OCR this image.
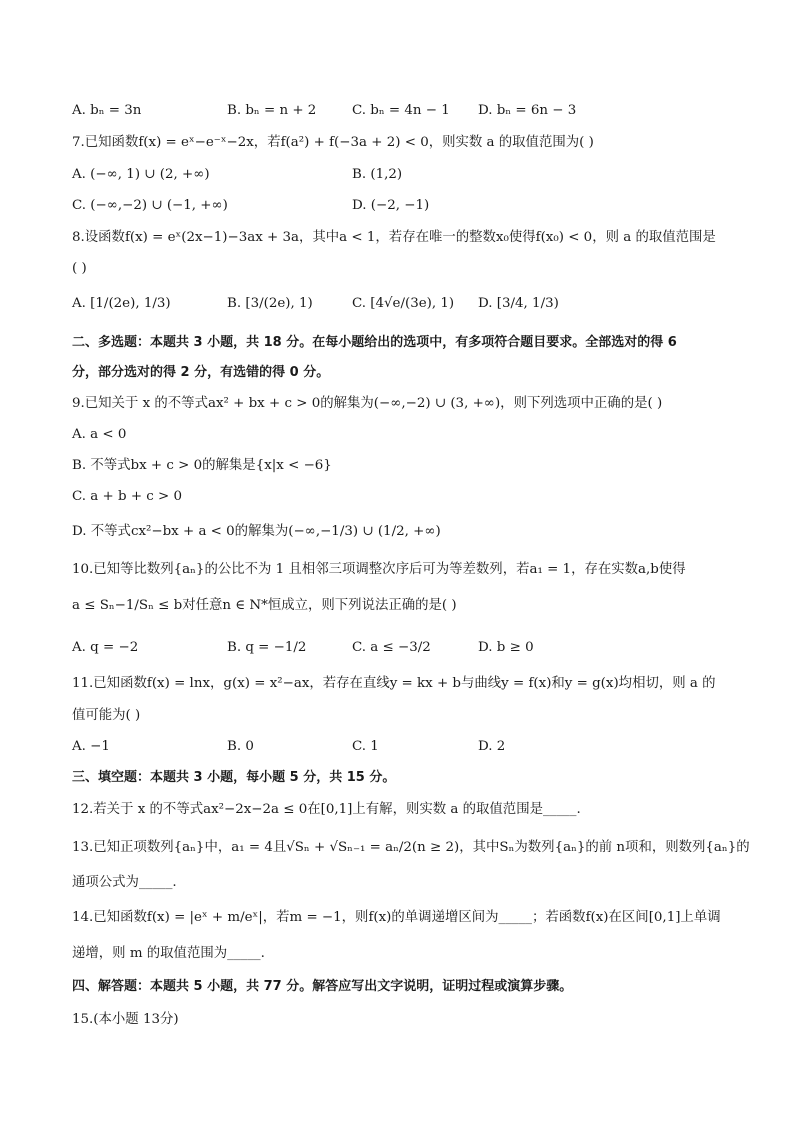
A. bₙ = 3n	B. bₙ = n + 2	C. bₙ = 4n − 1 D. bₙ = 6n − 3
7.已知函数f(x) = eˣ−e⁻ˣ−2x，若f(a²) + f(−3a + 2) < 0，则实数 a 的取值范围为( )
A. (−∞, 1) ∪ (2, +∞)	B. (1,2)
C. (−∞,−2) ∪ (−1, +∞)	D. (−2, −1)
8.设函数f(x) = eˣ(2x−1)−3ax + 3a，其中a < 1，若存在唯一的整数x₀使得f(x₀) < 0，则 a 的取值范围是
( )
A. [1/(2e), 1/3)	B. [3/(2e), 1)	C. [4√e/(3e), 1) D. [3/4, 1/3)
二、多选题：本题共 3 小题，共 18 分。在每小题给出的选项中，有多项符合题目要求。全部选对的得 6
分，部分选对的得 2 分，有选错的得 0 分。
9.已知关于 x 的不等式ax² + bx + c > 0的解集为(−∞,−2) ∪ (3, +∞)，则下列选项中正确的是( )
A. a < 0
B. 不等式bx + c > 0的解集是{x|x < −6}
C. a + b + c > 0
D. 不等式cx²−bx + a < 0的解集为(−∞,−1/3) ∪ (1/2, +∞)
10.已知等比数列{aₙ}的公比不为 1 且相邻三项调整次序后可为等差数列，若a₁ = 1，存在实数a,b使得
a ≤ Sₙ−1/Sₙ ≤ b对任意n ∈ N*恒成立，则下列说法正确的是( )
A. q = −2	B. q = −1/2	C. a ≤ −3/2	D. b ≥ 0
11.已知函数f(x) = lnx，g(x) = x²−ax，若存在直线y = kx + b与曲线y = f(x)和y = g(x)均相切，则 a 的
值可能为( )
A. −1	B. 0	C. 1	D. 2
三、填空题：本题共 3 小题，每小题 5 分，共 15 分。
12.若关于 x 的不等式ax²−2x−2a ≤ 0在[0,1]上有解，则实数 a 的取值范围是_____.
13.已知正项数列{aₙ}中，a₁ = 4且√Sₙ + √Sₙ₋₁ = aₙ/2(n ≥ 2)，其中Sₙ为数列{aₙ}的前 n项和，则数列{aₙ}的
通项公式为_____.
14.已知函数f(x) = |eˣ + m/eˣ|，若m = −1，则f(x)的单调递增区间为_____；若函数f(x)在区间[0,1]上单调
递增，则 m 的取值范围为_____.
四、解答题：本题共 5 小题，共 77 分。解答应写出文字说明，证明过程或演算步骤。
15.(本小题 13分)
